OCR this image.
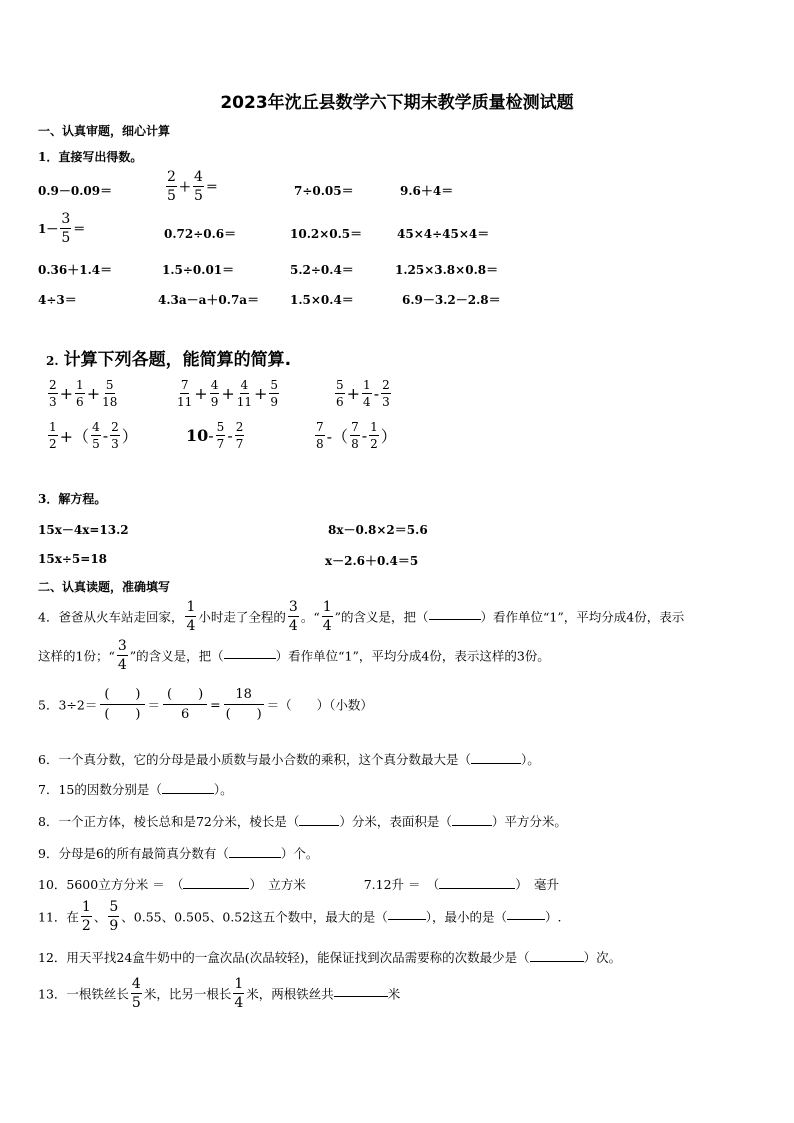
2023年沈丘县数学六下期末教学质量检测试题
一、认真审题，细心计算
1．直接写出得数。
0.9－0.09＝	$\frac{2}{5} + \frac{4}{5}$ ＝	7÷0.05＝	9.6＋4＝
$1- \frac{3}{5}$ ＝	0.72÷0.6＝	10.2×0.5＝	45×4÷45×4＝
0.36＋1.4＝	1.5÷0.01＝	5.2÷0.4＝	1.25×3.8×0.8＝
4÷3＝	4.3a－a＋0.7a＝	1.5×0.4＝	6.9－3.2－2.8＝
2. 计算下列各题，能简算的简算.
$\frac{2}{3} + \frac{1}{6} + \frac{5}{18}$	$\frac{7}{11} + \frac{4}{9} + \frac{4}{11} + \frac{5}{9}$	$\frac{5}{6} + \frac{1}{4} - \frac{2}{3}$
$\frac{1}{2}$ +（ $\frac{4}{5} - \frac{2}{3}$ ）	$10- \frac{5}{7} - \frac{2}{7}$	$\frac{7}{8}$ -（ $\frac{7}{8} - \frac{1}{2}$ ）
3．解方程。
15x－4x=13.2	8x－0.8×2＝5.6
15x÷5=18	x－2.6＋0.4＝5
二、认真读题，准确填写
4．爸爸从火车站走回家， $\frac{1}{4}$ 小时走了全程的 $\frac{3}{4}$ 。“ $\frac{1}{4}$ ”的含义是，把（	）看作单位“1”，平均分成4份，表示
这样的1份；“ $\frac{3}{4}$ ”的含义是，把（	）看作单位“1”，平均分成4份，表示这样的3份。
5．3÷2＝
(　　)
(　　)
＝
(　　)
6
=
18
(　　)
＝（　　）（小数）
6．一个真分数，它的分母是最小质数与最小合数的乘积，这个真分数最大是（	）。
7．15的因数分别是（	）。
8．一个正方体，棱长总和是72分米，棱长是（	）分米，表面积是（	）平方分米。
9．分母是6的所有最简真分数有（	）个。
10．5600立方分米 ＝　（	）　立方米	7.12升 ＝　（	）　毫升
11．在 $\frac{1}{2}$ 、 $\frac{5}{9}$ 、0.55、0.505、0.52这五个数中，最大的是（	），最小的是（	）.
12．用天平找24盒牛奶中的一盒次品(次品较轻)，能保证找到次品需要称的次数最少是（	）次。
13．一根铁丝长 $\frac{4}{5}$ 米，比另一根长 $\frac{1}{4}$ 米，两根铁丝共	米
